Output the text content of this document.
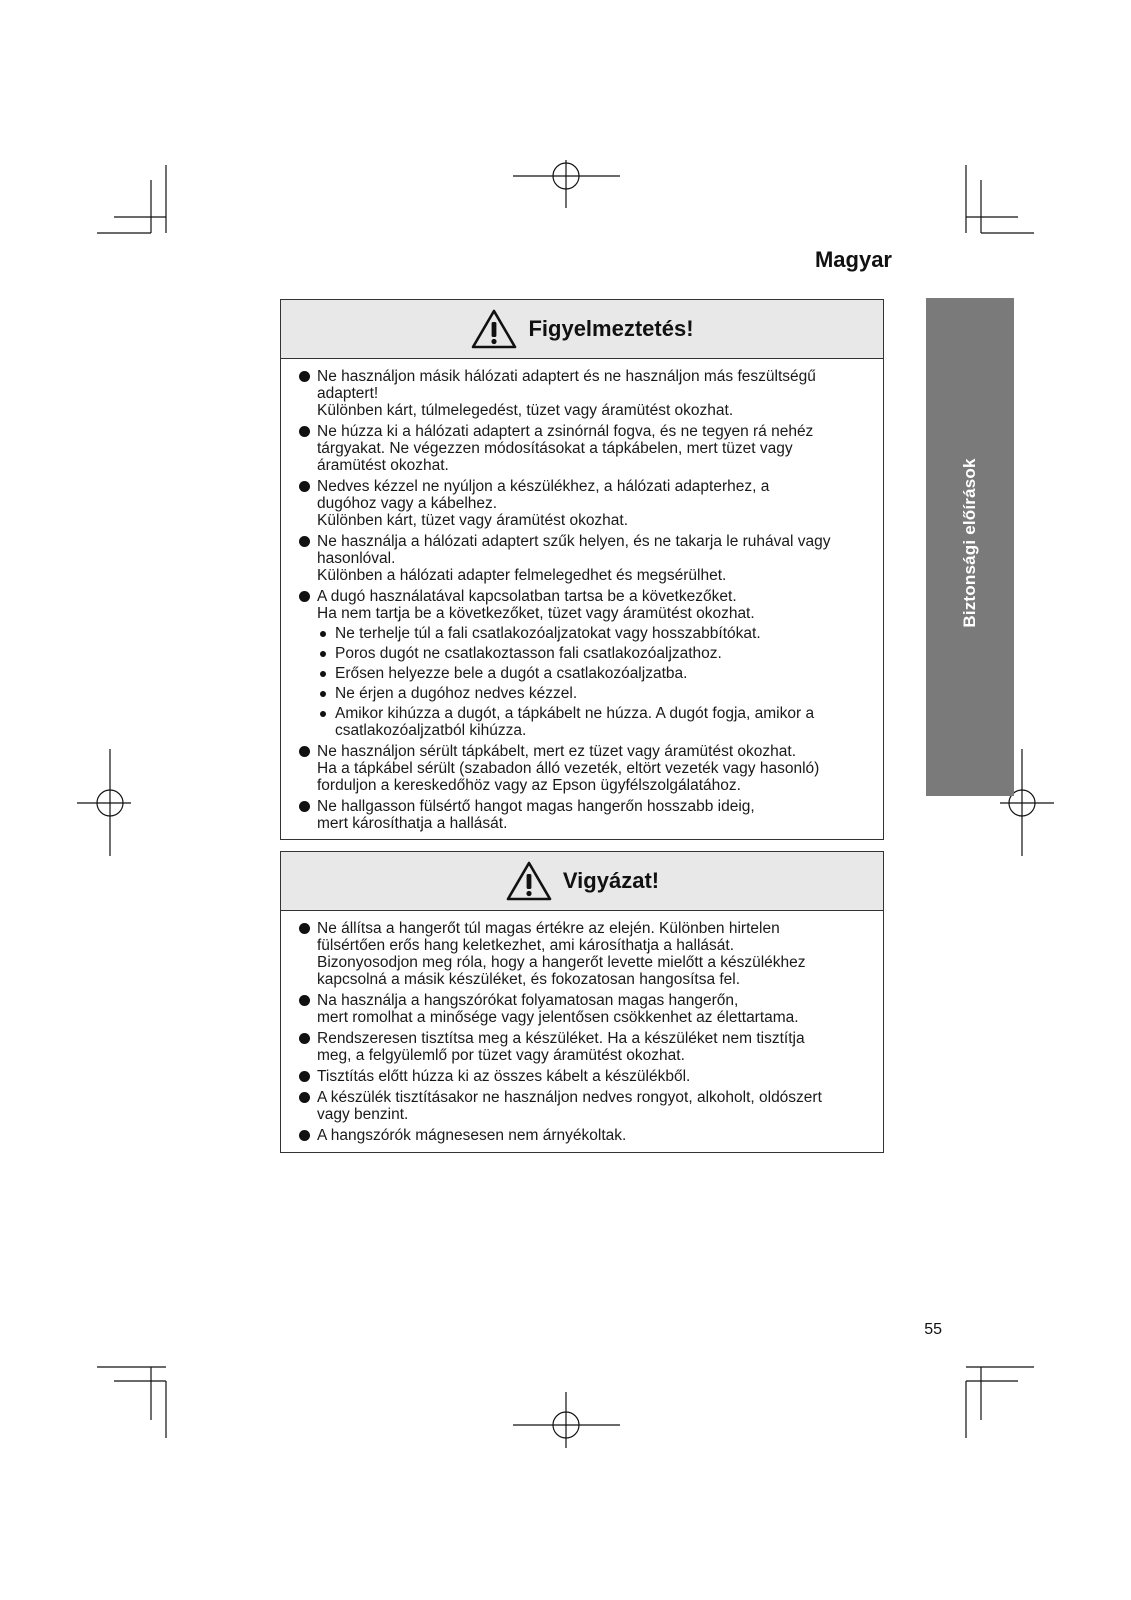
Magyar
Biztonsági előírások
Figyelmeztetés!
Ne használjon másik hálózati adaptert és ne használjon más feszültségű
adaptert!
Különben kárt, túlmelegedést, tüzet vagy áramütést okozhat.
Ne húzza ki a hálózati adaptert a zsinórnál fogva, és ne tegyen rá nehéz
tárgyakat. Ne végezzen módosításokat a tápkábelen, mert tüzet vagy
áramütést okozhat.
Nedves kézzel ne nyúljon a készülékhez, a hálózati adapterhez, a
dugóhoz vagy a kábelhez.
Különben kárt, tüzet vagy áramütést okozhat.
Ne használja a hálózati adaptert szűk helyen, és ne takarja le ruhával vagy
hasonlóval.
Különben a hálózati adapter felmelegedhet és megsérülhet.
A dugó használatával kapcsolatban tartsa be a következőket.
Ha nem tartja be a következőket, tüzet vagy áramütést okozhat.
Ne terhelje túl a fali csatlakozóaljzatokat vagy hosszabbítókat.
Poros dugót ne csatlakoztasson fali csatlakozóaljzathoz.
Erősen helyezze bele a dugót a csatlakozóaljzatba.
Ne érjen a dugóhoz nedves kézzel.
Amikor kihúzza a dugót, a tápkábelt ne húzza. A dugót fogja, amikor a
csatlakozóaljzatból kihúzza.
Ne használjon sérült tápkábelt, mert ez tüzet vagy áramütést okozhat.
Ha a tápkábel sérült (szabadon álló vezeték, eltört vezeték vagy hasonló)
forduljon a kereskedőhöz vagy az Epson ügyfélszolgálatához.
Ne hallgasson fülsértő hangot magas hangerőn hosszabb ideig,
mert károsíthatja a hallását.
Vigyázat!
Ne állítsa a hangerőt túl magas értékre az elején. Különben hirtelen
fülsértően erős hang keletkezhet, ami károsíthatja a hallását.
Bizonyosodjon meg róla, hogy a hangerőt levette mielőtt a készülékhez
kapcsolná a másik készüléket, és fokozatosan hangosítsa fel.
Na használja a hangszórókat folyamatosan magas hangerőn,
mert romolhat a minősége vagy jelentősen csökkenhet az élettartama.
Rendszeresen tisztítsa meg a készüléket. Ha a készüléket nem tisztítja
meg, a felgyülemlő por tüzet vagy áramütést okozhat.
Tisztítás előtt húzza ki az összes kábelt a készülékből.
A készülék tisztításakor ne használjon nedves rongyot, alkoholt, oldószert
vagy benzint.
A hangszórók mágnesesen nem árnyékoltak.
55
